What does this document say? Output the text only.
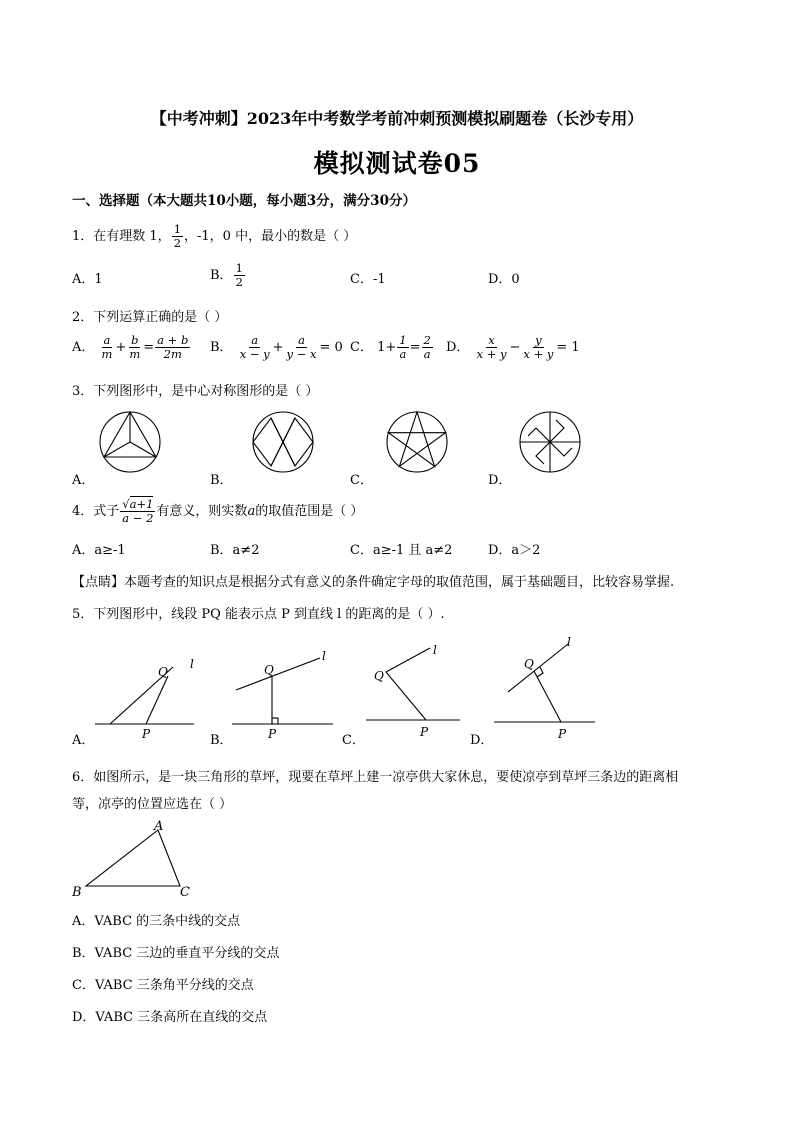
【中考冲刺】2023年中考数学考前冲刺预测模拟刷题卷（长沙专用）
模拟测试卷05
一、选择题（本大题共10小题，每小题3分，满分30分）
1．在有理数 1， $\frac{1}{2}$ ，-1，0 中，最小的数是（ ）
A．1	B． $\frac{1}{2}$	C．-1	D．0
2．下列运算正确的是（ ）
A． $\frac{a}{m} + \frac{b}{m} = \frac{a + b}{2m}$ B． $\frac{a}{x - y} + \frac{a}{y - x} = 0$ C． $1+ \frac{1}{a} = \frac{2}{a}$ D． $\frac{x}{x + y} - \frac{y}{x + y} = 1$
3．下列图形中，是中心对称图形的是（ ）
A．	B．	C．	D．
4．式子 $\frac{√a+1}{a - 2}$ 有意义，则实数a的取值范围是（ ）
A．a≥-1	B．a≠2	C．a≥-1 且 a≠2	D．a＞2
【点睛】本题考查的知识点是根据分式有意义的条件确定字母的取值范围，属于基础题目，比较容易掌握.
5．下列图形中，线段 PQ 能表示点 P 到直线 l 的距离的是（ ）.
Q
l
P
Q
l
P
Q
l
P
Q
l
P
A．	B．	C．	D．
6．如图所示，是一块三角形的草坪，现要在草坪上建一凉亭供大家休息，要使凉亭到草坪三条边的距离相
等，凉亭的位置应选在（ ）
A
B	C
A．VABC 的三条中线的交点
B．VABC 三边的垂直平分线的交点
C．VABC 三条角平分线的交点
D．VABC 三条高所在直线的交点
